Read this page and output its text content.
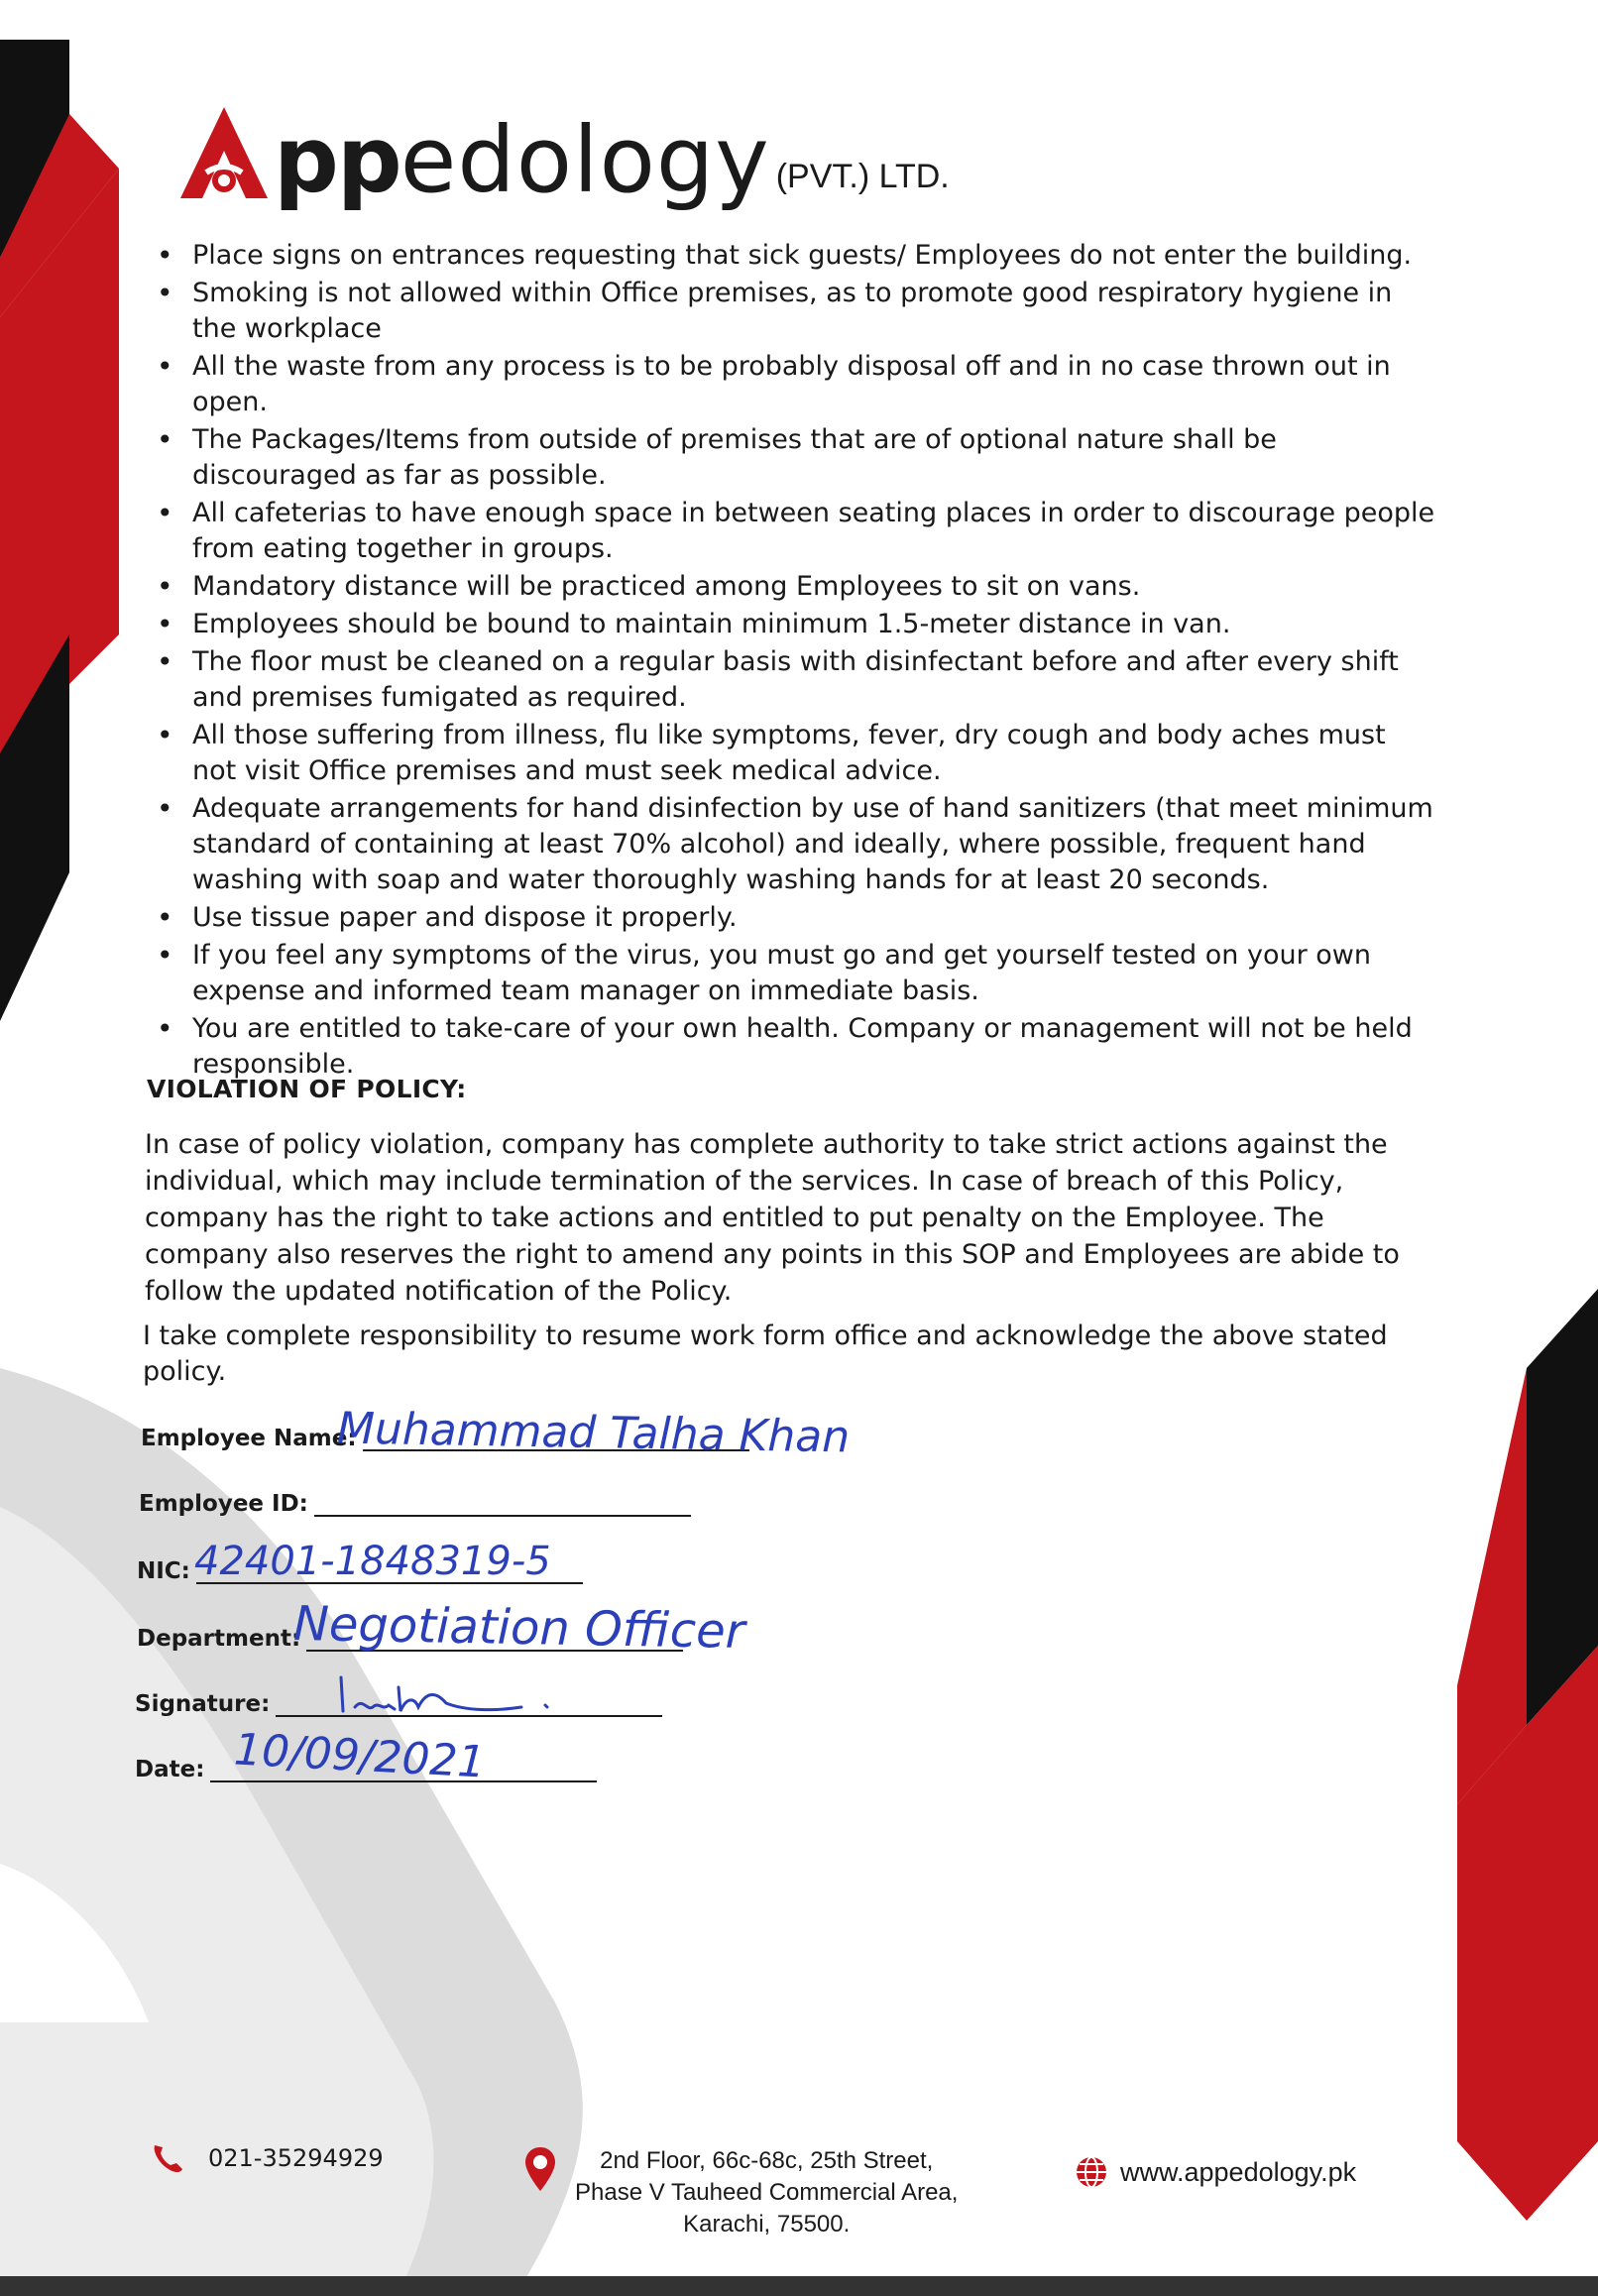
pp edology (PVT.) LTD.
• Place signs on entrances requesting that sick guests/ Employees do not enter the building.
• Smoking is not allowed within Office premises, as to promote good respiratory hygiene in the workplace
• All the waste from any process is to be probably disposal off and in no case thrown out in open.
• The Packages/Items from outside of premises that are of optional nature shall be discouraged as far as possible.
• All cafeterias to have enough space in between seating places in order to discourage people from eating together in groups.
• Mandatory distance will be practiced among Employees to sit on vans.
• Employees should be bound to maintain minimum 1.5-meter distance in van.
• The floor must be cleaned on a regular basis with disinfectant before and after every shift and premises fumigated as required.
• All those suffering from illness, flu like symptoms, fever, dry cough and body aches must not visit Office premises and must seek medical advice.
• Adequate arrangements for hand disinfection by use of hand sanitizers (that meet minimum standard of containing at least 70% alcohol) and ideally, where possible, frequent hand washing with soap and water thoroughly washing hands for at least 20 seconds.
• Use tissue paper and dispose it properly.
• If you feel any symptoms of the virus, you must go and get yourself tested on your own expense and informed team manager on immediate basis.
• You are entitled to take-care of your own health. Company or management will not be held responsible.
VIOLATION OF POLICY:

In case of policy violation, company has complete authority to take strict actions against the individual, which may include termination of the services. In case of breach of this Policy, company has the right to take actions and entitled to put penalty on the Employee. The company also reserves the right to amend any points in this SOP and Employees are abide to follow the updated notification of the Policy.

I take complete responsibility to resume work form office and acknowledge the above stated policy.

Employee Name:
Muhammad Talha Khan
Employee ID:
NIC: 42401-1848319-5
Department:
Negotiation Officer
Signature:
Date: 10/09/2021
021-35294929	2nd Floor, 66c-68c, 25th Street,
Phase V Tauheed Commercial Area,
Karachi, 75500.
www.appedology.pk
